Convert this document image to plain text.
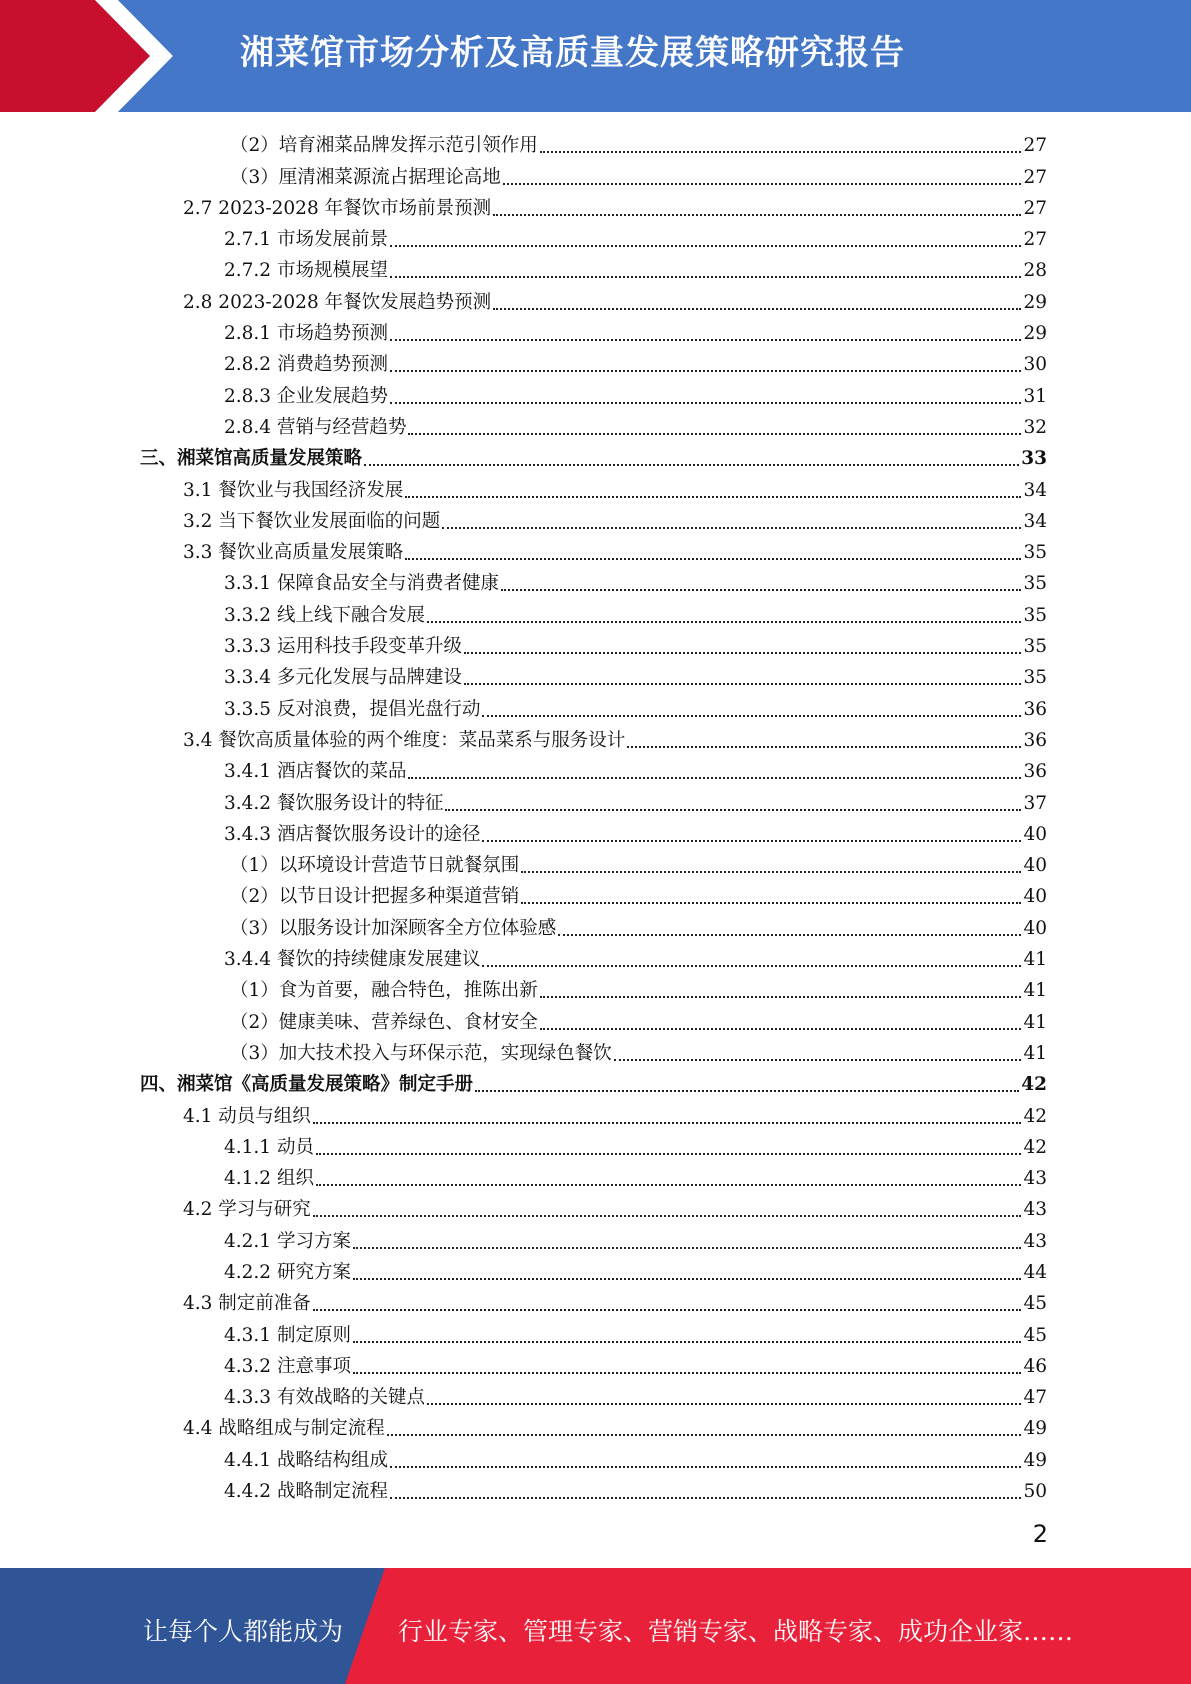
湘菜馆市场分析及高质量发展策略研究报告
（2）培育湘菜品牌发挥示范引领作用	27
（3）厘清湘菜源流占据理论高地	27
2.7 2023-2028 年餐饮市场前景预测	27
2.7.1 市场发展前景	27
2.7.2 市场规模展望	28
2.8 2023-2028 年餐饮发展趋势预测	29
2.8.1 市场趋势预测	29
2.8.2 消费趋势预测	30
2.8.3 企业发展趋势	31
2.8.4 营销与经营趋势	32
三、湘菜馆高质量发展策略	33
3.1 餐饮业与我国经济发展	34
3.2 当下餐饮业发展面临的问题	34
3.3 餐饮业高质量发展策略	35
3.3.1 保障食品安全与消费者健康	35
3.3.2 线上线下融合发展	35
3.3.3 运用科技手段变革升级	35
3.3.4 多元化发展与品牌建设	35
3.3.5 反对浪费，提倡光盘行动	36
3.4 餐饮高质量体验的两个维度：菜品菜系与服务设计	36
3.4.1 酒店餐饮的菜品	36
3.4.2 餐饮服务设计的特征	37
3.4.3 酒店餐饮服务设计的途径	40
（1）以环境设计营造节日就餐氛围	40
（2）以节日设计把握多种渠道营销	40
（3）以服务设计加深顾客全方位体验感	40
3.4.4 餐饮的持续健康发展建议	41
（1）食为首要，融合特色，推陈出新	41
（2）健康美味、营养绿色、食材安全	41
（3）加大技术投入与环保示范，实现绿色餐饮	41
四、湘菜馆《高质量发展策略》制定手册	42
4.1 动员与组织	42
4.1.1 动员	42
4.1.2 组织	43
4.2 学习与研究	43
4.2.1 学习方案	43
4.2.2 研究方案	44
4.3 制定前准备	45
4.3.1 制定原则	45
4.3.2 注意事项	46
4.3.3 有效战略的关键点	47
4.4 战略组成与制定流程	49
4.4.1 战略结构组成	49
4.4.2 战略制定流程	50
2
让每个人都能成为 行业专家、管理专家、营销专家、战略专家、成功企业家……
